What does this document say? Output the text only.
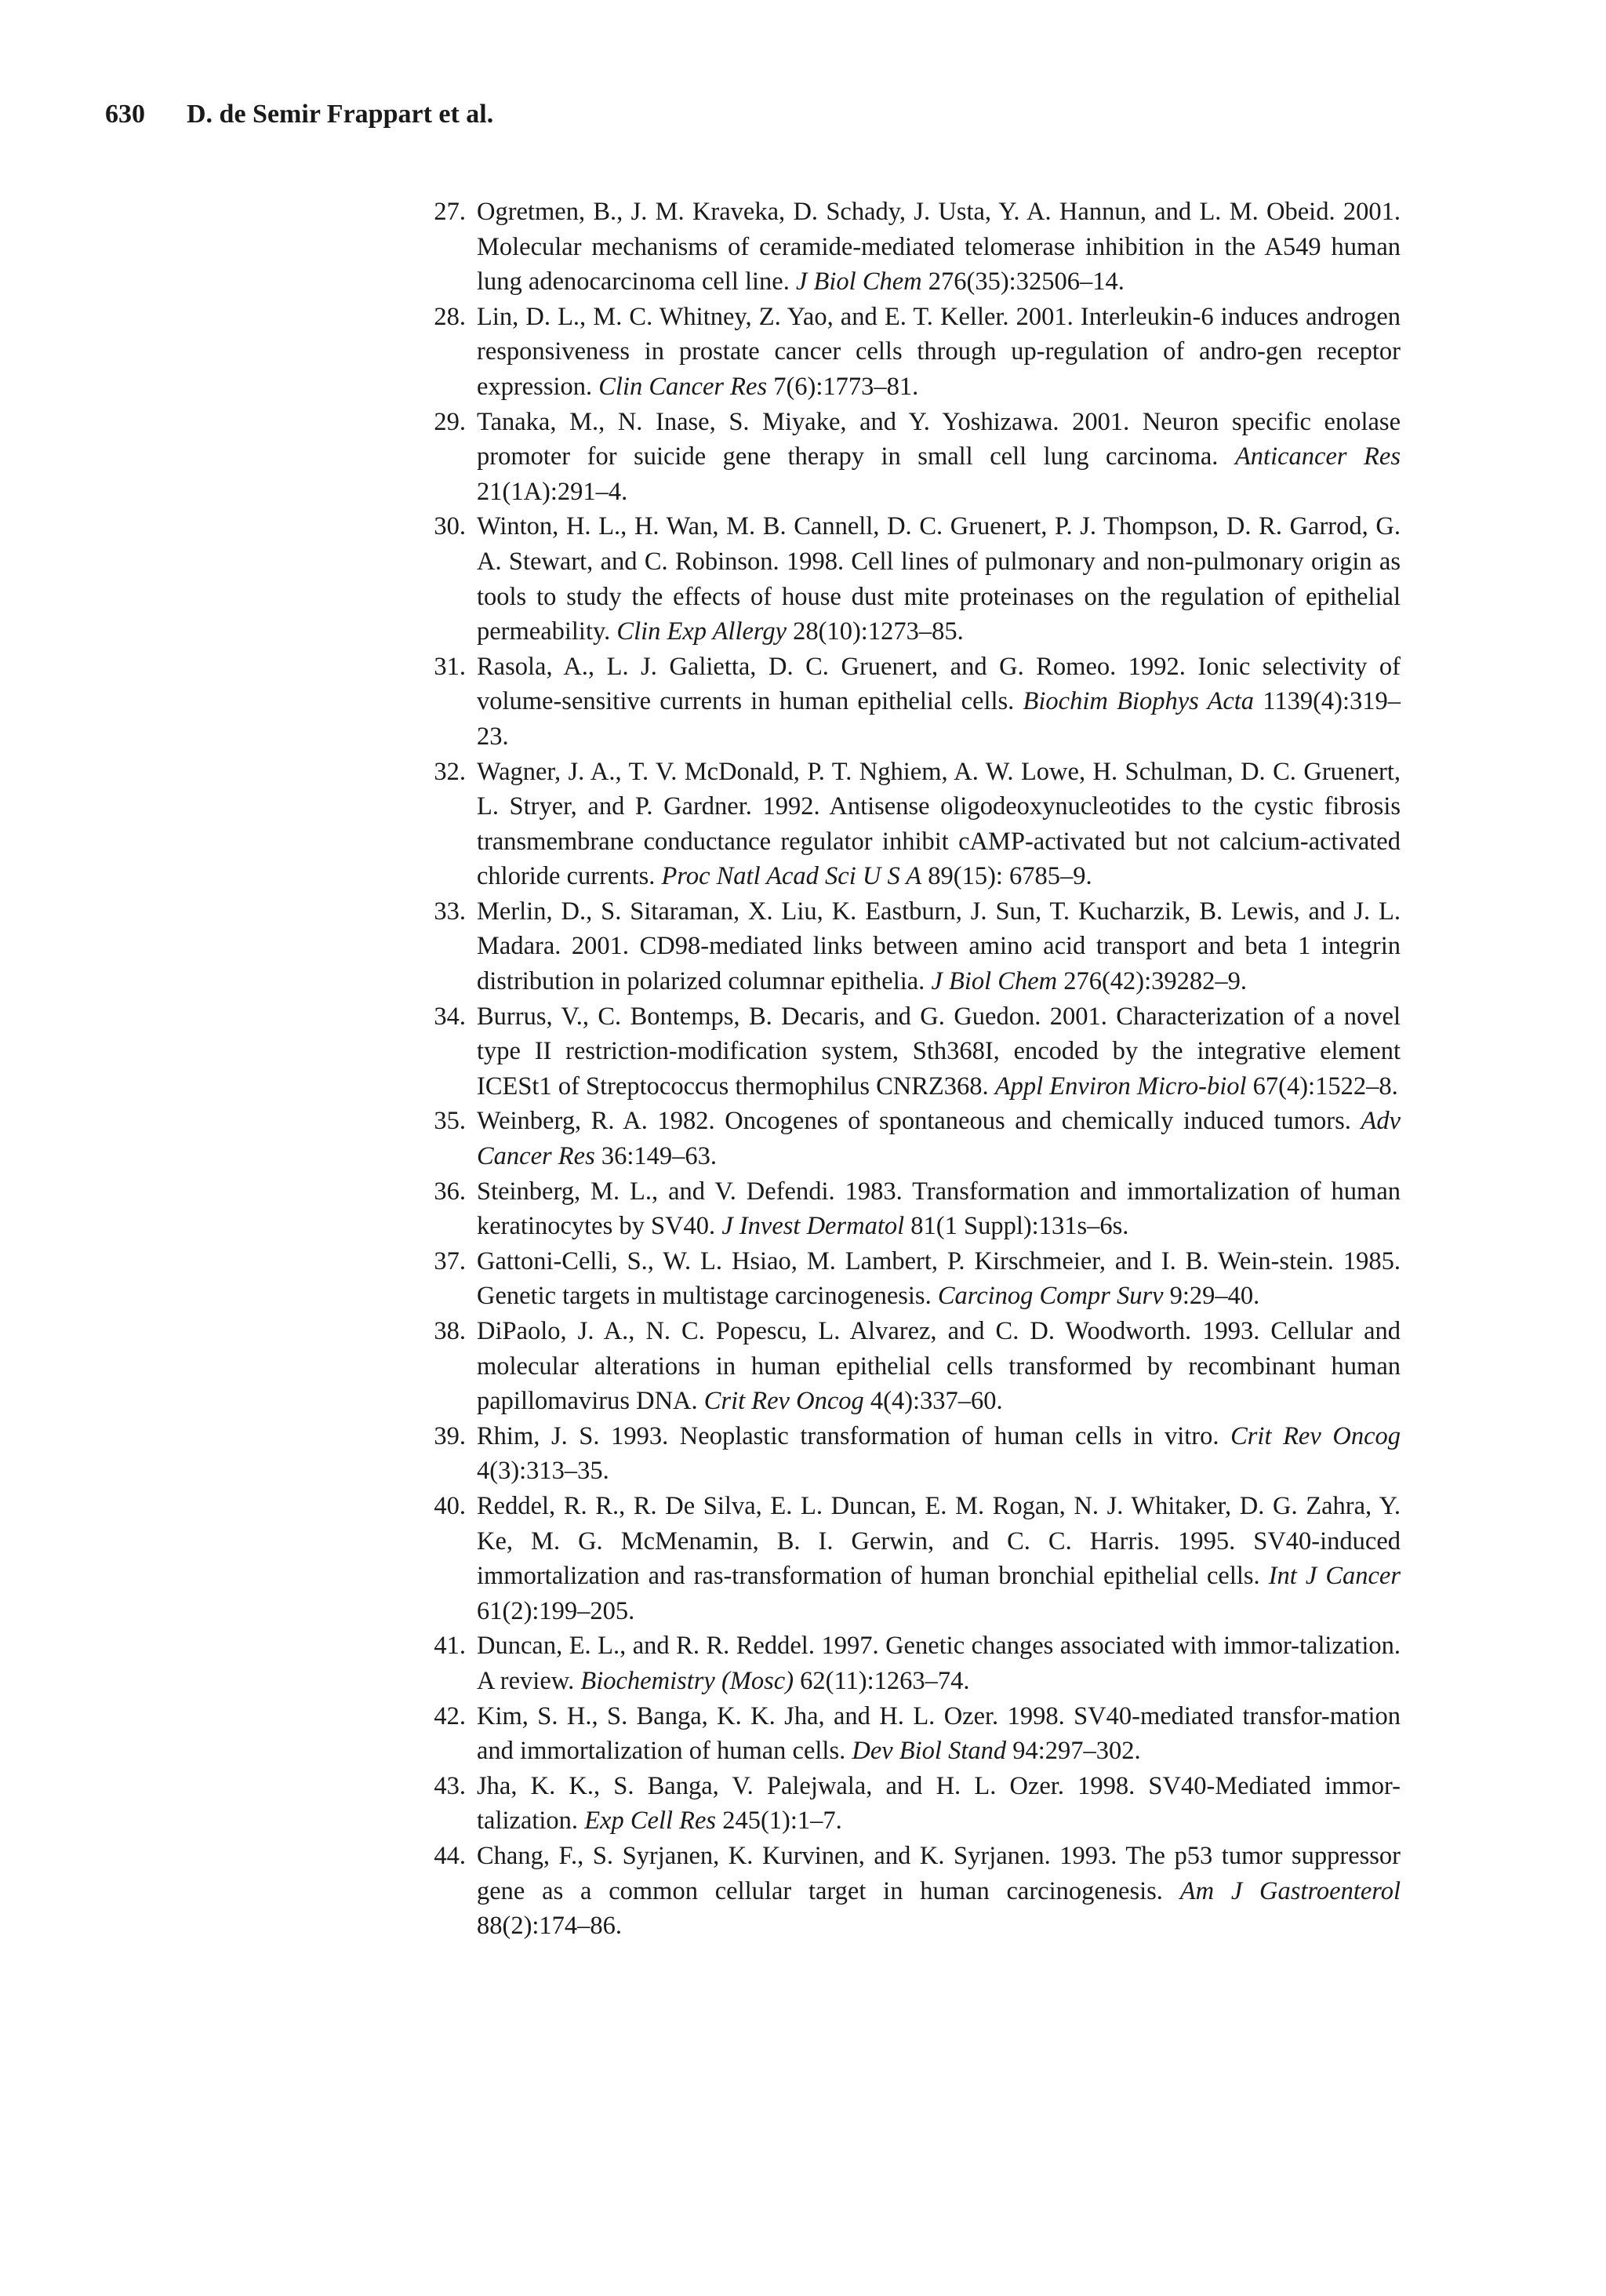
630 D. de Semir Frappart et al.
27. Ogretmen, B., J. M. Kraveka, D. Schady, J. Usta, Y. A. Hannun, and L. M. Obeid. 2001. Molecular mechanisms of ceramide-mediated telomerase inhibition in the A549 human lung adenocarcinoma cell line. J Biol Chem 276(35):32506–14.
28. Lin, D. L., M. C. Whitney, Z. Yao, and E. T. Keller. 2001. Interleukin-6 induces androgen responsiveness in prostate cancer cells through up-regulation of andro-gen receptor expression. Clin Cancer Res 7(6):1773–81.
29. Tanaka, M., N. Inase, S. Miyake, and Y. Yoshizawa. 2001. Neuron specific enolase promoter for suicide gene therapy in small cell lung carcinoma. Anticancer Res 21(1A):291–4.
30. Winton, H. L., H. Wan, M. B. Cannell, D. C. Gruenert, P. J. Thompson, D. R. Garrod, G. A. Stewart, and C. Robinson. 1998. Cell lines of pulmonary and non-pulmonary origin as tools to study the effects of house dust mite proteinases on the regulation of epithelial permeability. Clin Exp Allergy 28(10):1273–85.
31. Rasola, A., L. J. Galietta, D. C. Gruenert, and G. Romeo. 1992. Ionic selectivity of volume-sensitive currents in human epithelial cells. Biochim Biophys Acta 1139(4):319–23.
32. Wagner, J. A., T. V. McDonald, P. T. Nghiem, A. W. Lowe, H. Schulman, D. C. Gruenert, L. Stryer, and P. Gardner. 1992. Antisense oligodeoxynucleotides to the cystic fibrosis transmembrane conductance regulator inhibit cAMP-activated but not calcium-activated chloride currents. Proc Natl Acad Sci U S A 89(15): 6785–9.
33. Merlin, D., S. Sitaraman, X. Liu, K. Eastburn, J. Sun, T. Kucharzik, B. Lewis, and J. L. Madara. 2001. CD98-mediated links between amino acid transport and beta 1 integrin distribution in polarized columnar epithelia. J Biol Chem 276(42):39282–9.
34. Burrus, V., C. Bontemps, B. Decaris, and G. Guedon. 2001. Characterization of a novel type II restriction-modification system, Sth368I, encoded by the integrative element ICESt1 of Streptococcus thermophilus CNRZ368. Appl Environ Micro-biol 67(4):1522–8.
35. Weinberg, R. A. 1982. Oncogenes of spontaneous and chemically induced tumors. Adv Cancer Res 36:149–63.
36. Steinberg, M. L., and V. Defendi. 1983. Transformation and immortalization of human keratinocytes by SV40. J Invest Dermatol 81(1 Suppl):131s–6s.
37. Gattoni-Celli, S., W. L. Hsiao, M. Lambert, P. Kirschmeier, and I. B. Wein-stein. 1985. Genetic targets in multistage carcinogenesis. Carcinog Compr Surv 9:29–40.
38. DiPaolo, J. A., N. C. Popescu, L. Alvarez, and C. D. Woodworth. 1993. Cellular and molecular alterations in human epithelial cells transformed by recombinant human papillomavirus DNA. Crit Rev Oncog 4(4):337–60.
39. Rhim, J. S. 1993. Neoplastic transformation of human cells in vitro. Crit Rev Oncog 4(3):313–35.
40. Reddel, R. R., R. De Silva, E. L. Duncan, E. M. Rogan, N. J. Whitaker, D. G. Zahra, Y. Ke, M. G. McMenamin, B. I. Gerwin, and C. C. Harris. 1995. SV40-induced immortalization and ras-transformation of human bronchial epithelial cells. Int J Cancer 61(2):199–205.
41. Duncan, E. L., and R. R. Reddel. 1997. Genetic changes associated with immor-talization. A review. Biochemistry (Mosc) 62(11):1263–74.
42. Kim, S. H., S. Banga, K. K. Jha, and H. L. Ozer. 1998. SV40-mediated transfor-mation and immortalization of human cells. Dev Biol Stand 94:297–302.
43. Jha, K. K., S. Banga, V. Palejwala, and H. L. Ozer. 1998. SV40-Mediated immor-talization. Exp Cell Res 245(1):1–7.
44. Chang, F., S. Syrjanen, K. Kurvinen, and K. Syrjanen. 1993. The p53 tumor suppressor gene as a common cellular target in human carcinogenesis. Am J Gastroenterol 88(2):174–86.
